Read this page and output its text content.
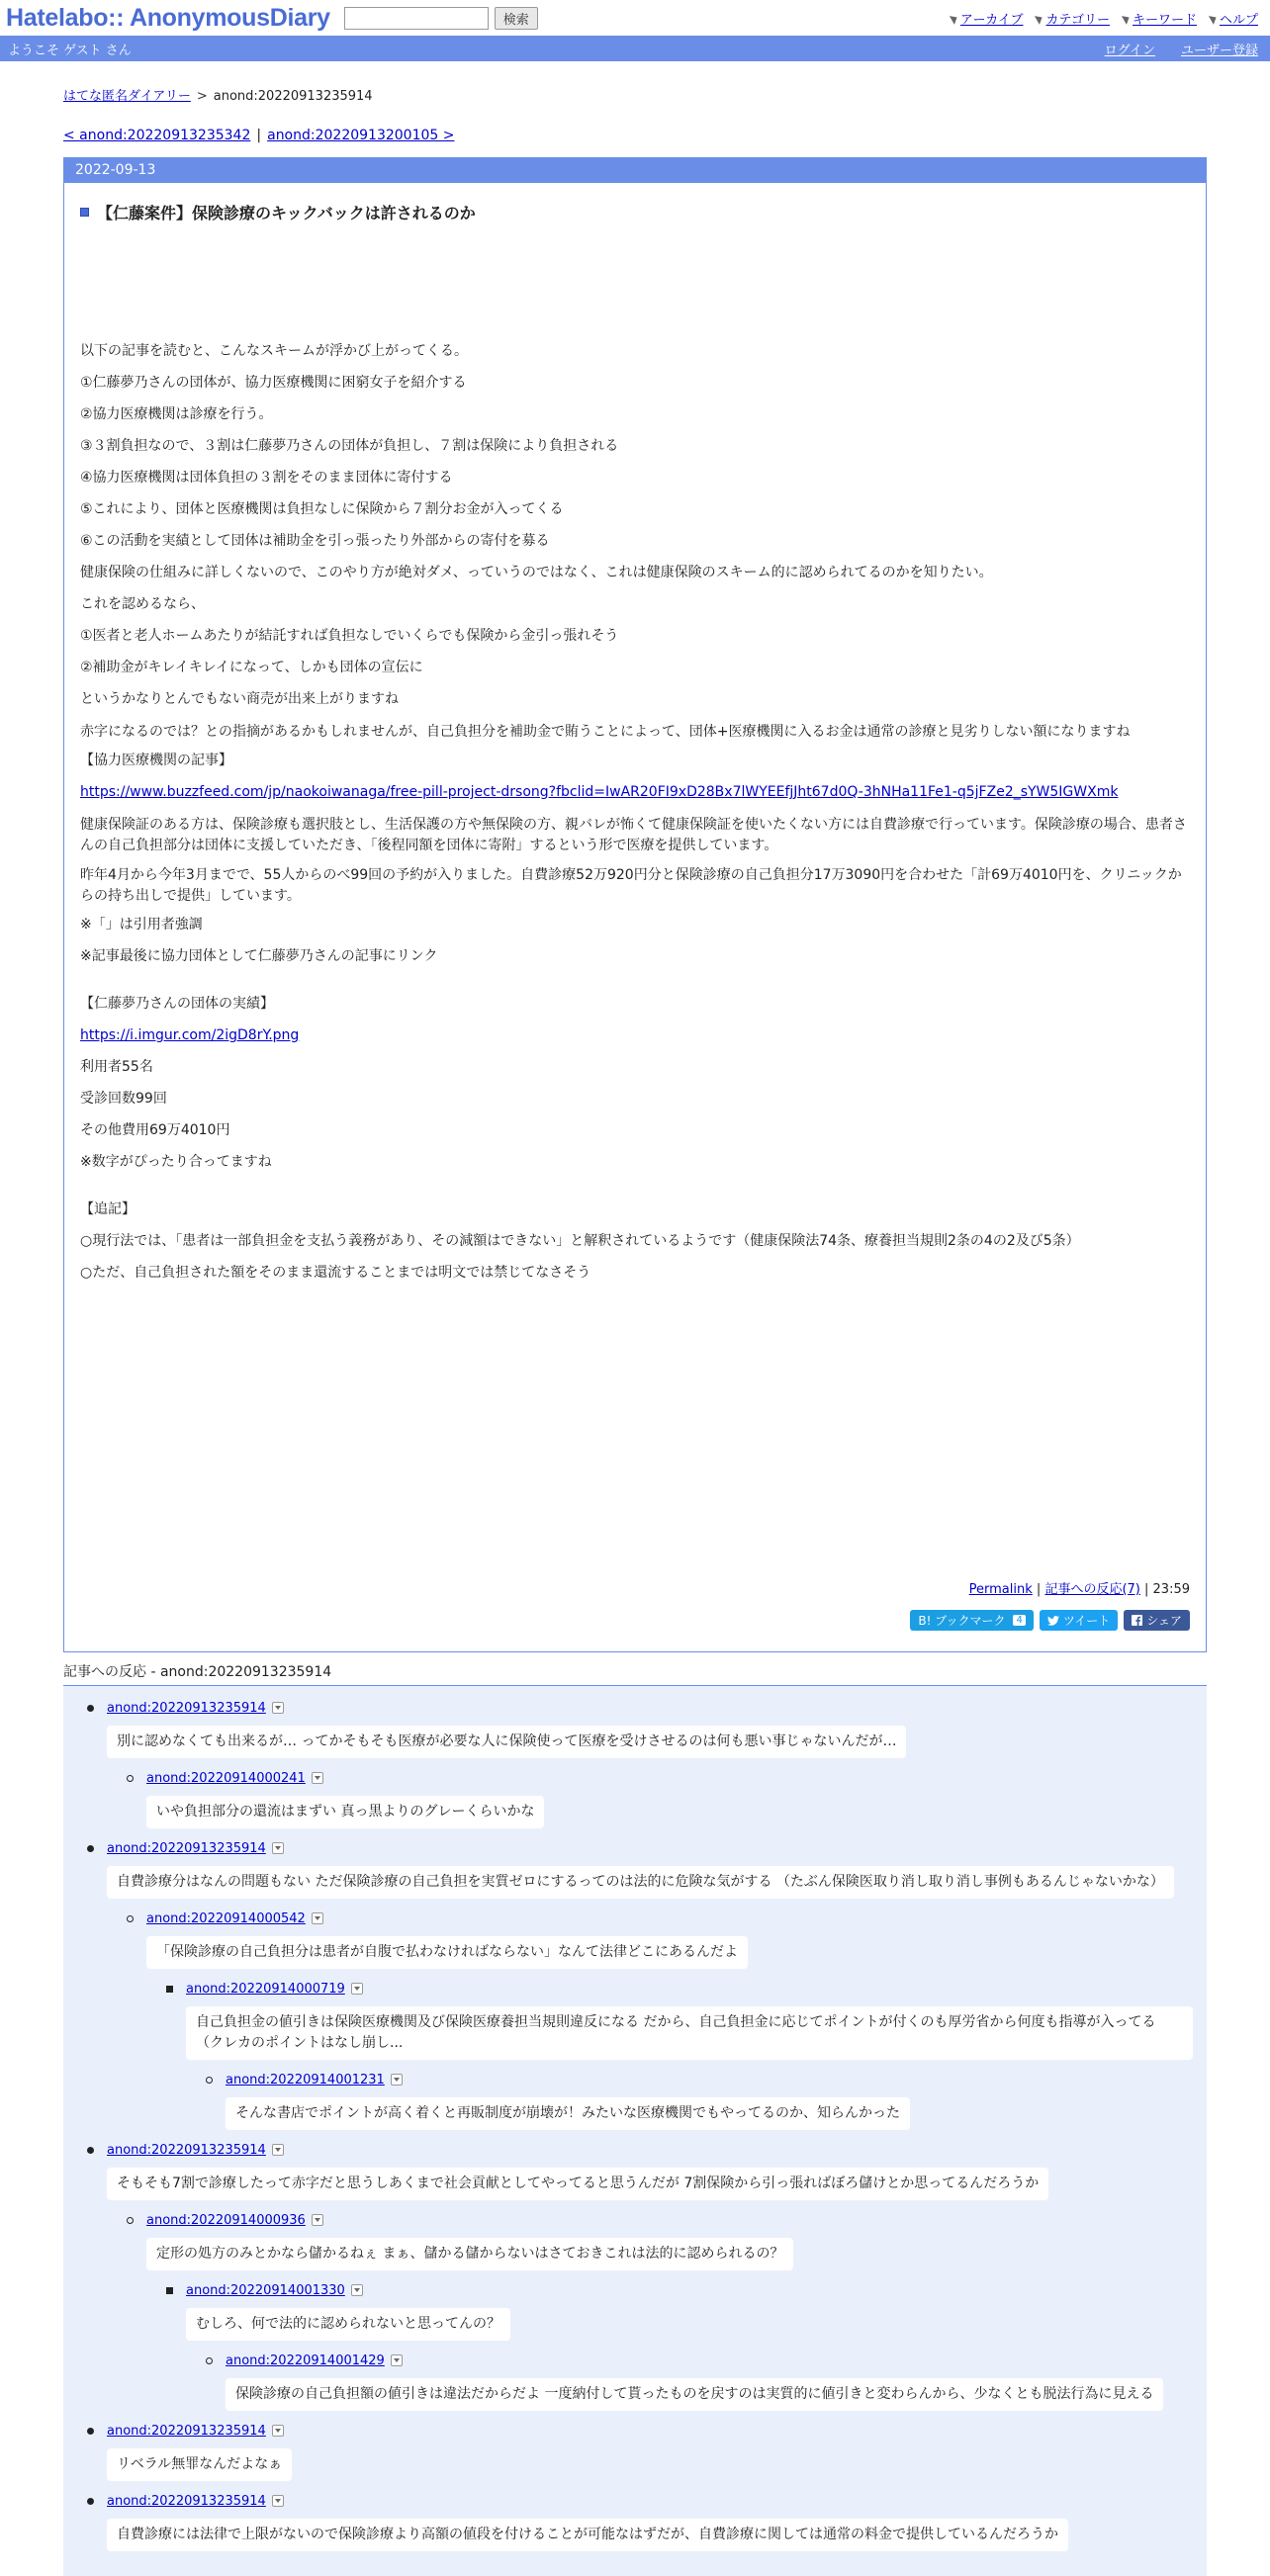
Hatelabo:: AnonymousDiary	検索	アーカイブ カテゴリー キーワード ヘルプ
ようこそ ゲスト さん	ログイン ユーザー登録
はてな匿名ダイアリー > anond:20220913235914
< anond:20220913235342 | anond:20220913200105 >
2022-09-13
【仁藤案件】保険診療のキックバックは許されるのか

以下の記事を読むと、こんなスキームが浮かび上がってくる。

①仁藤夢乃さんの団体が、協力医療機関に困窮女子を紹介する

②協力医療機関は診療を行う。

③３割負担なので、３割は仁藤夢乃さんの団体が負担し、７割は保険により負担される

④協力医療機関は団体負担の３割をそのまま団体に寄付する

⑤これにより、団体と医療機関は負担なしに保険から７割分お金が入ってくる

⑥この活動を実績として団体は補助金を引っ張ったり外部からの寄付を募る

健康保険の仕組みに詳しくないので、このやり方が絶対ダメ、っていうのではなく、これは健康保険のスキーム的に認められてるのかを知りたい。

これを認めるなら、

①医者と老人ホームあたりが結託すれば負担なしでいくらでも保険から金引っ張れそう

②補助金がキレイキレイになって、しかも団体の宣伝に

というかなりとんでもない商売が出来上がりますね

赤字になるのでは？との指摘があるかもしれませんが、自己負担分を補助金で賄うことによって、団体+医療機関に入るお金は通常の診療と見劣りしない額になりますね

【協力医療機関の記事】

https://www.buzzfeed.com/jp/naokoiwanaga/free-pill-project-drsong?fbclid=IwAR20FI9xD28Bx7lWYEEfjJht67d0Q-3hNHa11Fe1-q5jFZe2_sYW5IGWXmk

健康保険証のある方は、保険診療も選択肢とし、生活保護の方や無保険の方、親バレが怖くて健康保険証を使いたくない方には自費診療で行っています。保険診療の場合、患者さんの自己負担部分は団体に支援していただき、「後程同額を団体に寄附」するという形で医療を提供しています。

昨年4月から今年3月までで、55人からのべ99回の予約が入りました。自費診療52万920円分と保険診療の自己負担分17万3090円を合わせた「計69万4010円を、クリニックからの持ち出しで提供」しています。

※「」は引用者強調

※記事最後に協力団体として仁藤夢乃さんの記事にリンク

【仁藤夢乃さんの団体の実績】

https://i.imgur.com/2igD8rY.png

利用者55名

受診回数99回

その他費用69万4010円

※数字がぴったり合ってますね

【追記】

○現行法では、「患者は一部負担金を支払う義務があり、その減額はできない」と解釈されているようです（健康保険法74条、療養担当規則2条の4の2及び5条）

○ただ、自己負担された額をそのまま還流することまでは明文では禁じてなさそう

Permalink | 記事への反応(7) | 23:59
B! ブックマーク	4	ツイート	シェア
記事への反応 - anond:20220913235914
anond:20220913235914
別に認めなくても出来るが… ってかそもそも医療が必要な人に保険使って医療を受けさせるのは何も悪い事じゃないんだが…
anond:20220914000241
いや負担部分の還流はまずい 真っ黒よりのグレーくらいかな
anond:20220913235914
自費診療分はなんの問題もない ただ保険診療の自己負担を実質ゼロにするってのは法的に危険な気がする （たぶん保険医取り消し取り消し事例もあるんじゃないかな）
anond:20220914000542
「保険診療の自己負担分は患者が自腹で払わなければならない」なんて法律どこにあるんだよ
anond:20220914000719
自己負担金の値引きは保険医療機関及び保険医療養担当規則違反になる だから、自己負担金に応じてポイントが付くのも厚労省から何度も指導が入ってる （クレカのポイントはなし崩し...
anond:20220914001231
そんな書店でポイントが高く着くと再販制度が崩壊が！みたいな医療機関でもやってるのか、知らんかった
anond:20220913235914
そもそも7割で診療したって赤字だと思うしあくまで社会貢献としてやってると思うんだが 7割保険から引っ張ればぼろ儲けとか思ってるんだろうか
anond:20220914000936
定形の処方のみとかなら儲かるねぇ まぁ、儲かる儲からないはさておきこれは法的に認められるの？
anond:20220914001330
むしろ、何で法的に認められないと思ってんの？
anond:20220914001429
保険診療の自己負担額の値引きは違法だからだよ 一度納付して貰ったものを戻すのは実質的に値引きと変わらんから、少なくとも脱法行為に見える
anond:20220913235914
リベラル無罪なんだよなぁ
anond:20220913235914
自費診療には法律で上限がないので保険診療より高額の値段を付けることが可能なはずだが、自費診療に関しては通常の料金で提供しているんだろうか
